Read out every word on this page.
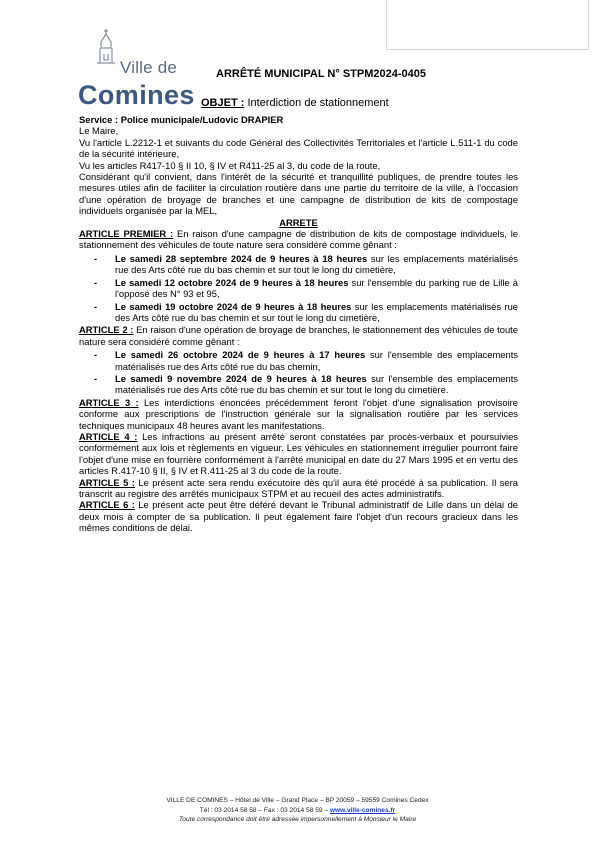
Ville de
Comines
ARRÊTÉ MUNICIPAL N° STPM2024-0405
OBJET : Interdiction de stationnement

Service : Police municipale/Ludovic DRAPIER

Le Maire,

Vu l'article L.2212-1 et suivants du code Général des Collectivités Territoriales et l'article L.511-1 du code de la sécurité intérieure,

Vu les articles R417-10 § II 10, § IV et R411-25 al 3, du code de la route,

Considérant qu'il convient, dans l'intérêt de la sécurité et tranquillité publiques, de prendre toutes les mesures utiles afin de faciliter la circulation routière dans une partie du territoire de la ville, à l'occasion d'une opération de broyage de branches et une campagne de distribution de kits de compostage individuels organisée par la MEL,

ARRETE

ARTICLE PREMIER : En raison d'une campagne de distribution de kits de compostage individuels, le stationnement des véhicules de toute nature sera considéré comme gênant :

- Le samedi 28 septembre 2024 de 9 heures à 18 heures sur les emplacements matérialisés rue des Arts côté rue du bas chemin et sur tout le long du cimetière,
- Le samedi 12 octobre 2024 de 9 heures à 18 heures sur l'ensemble du parking rue de Lille à l'opposé des N° 93 et 95,
- Le samedi 19 octobre 2024 de 9 heures à 18 heures sur les emplacements matérialisés rue des Arts côté rue du bas chemin et sur tout le long du cimetière,

ARTICLE 2 : En raison d'une opération de broyage de branches, le stationnement des véhicules de toute nature sera considéré comme gênant :

- Le samedi 26 octobre 2024 de 9 heures à 17 heures sur l'ensemble des emplacements matérialisés rue des Arts côté rue du bas chemin,
- Le samedi 9 novembre 2024 de 9 heures à 18 heures sur l'ensemble des emplacements matérialisés rue des Arts côté rue du bas chemin et sur tout le long du cimetière.

ARTICLE 3 : Les interdictions énoncées précédemment feront l'objet d'une signalisation provisoire conforme aux prescriptions de l'instruction générale sur la signalisation routière par les services techniques municipaux 48 heures avant les manifestations.

ARTICLE 4 : Les infractions au présent arrêté seront constatées par procès-verbaux et poursuivies conformément aux lois et règlements en vigueur. Les véhicules en stationnement irrégulier pourront faire l'objet d'une mise en fourrière conformément à l'arrêté municipal en date du 27 Mars 1995 et en vertu des articles R.417-10 § II, § IV et R.411-25 al 3 du code de la route.

ARTICLE 5 : Le présent acte sera rendu exécutoire dès qu'il aura été procédé à sa publication. Il sera transcrit au registre des arrêtés municipaux STPM et au recueil des actes administratifs.

ARTICLE 6 : Le présent acte peut être déféré devant le Tribunal administratif de Lille dans un délai de deux mois à compter de sa publication. Il peut également faire l'objet d'un recours gracieux dans les mêmes conditions de délai.

VILLE DE COMINES – Hôtel de Ville – Grand Place – BP 20059 – 59559 Comines Cedex
Tél : 03 2014 58 58 – Fax : 03 2014 58 59 – www.ville-comines.fr
Toute correspondance doit être adressée impersonnellement à Monsieur le Maire
